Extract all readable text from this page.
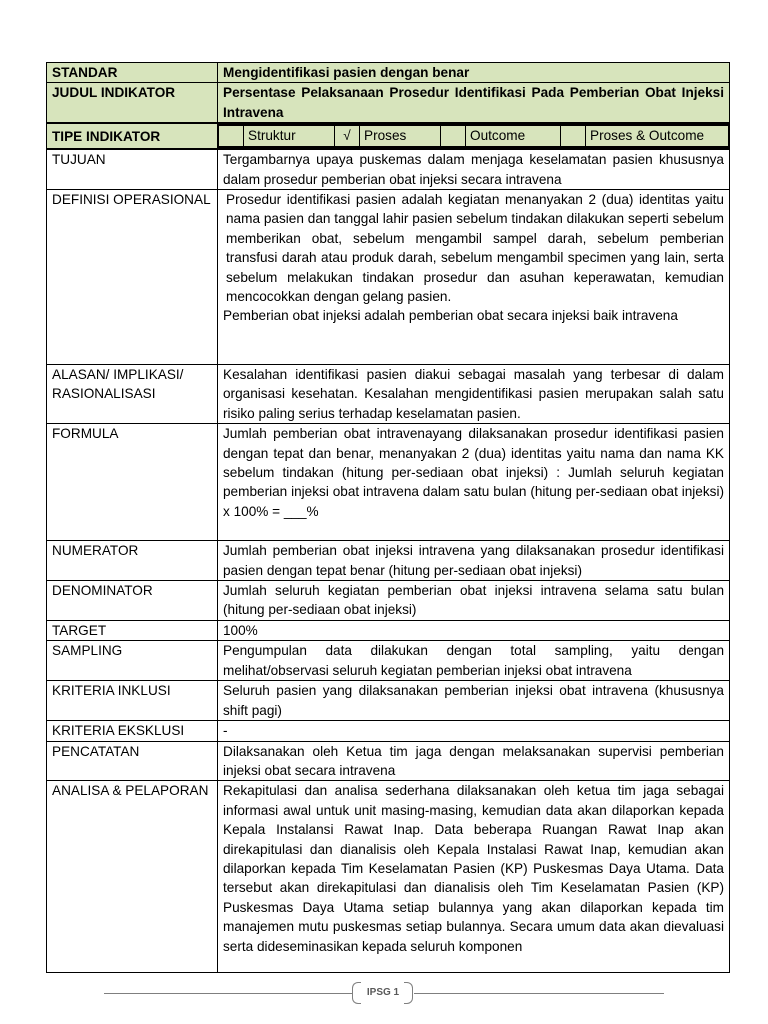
STANDAR	Mengidentifikasi pasien dengan benar
JUDUL INDIKATOR	Persentase Pelaksanaan Prosedur Identifikasi Pada Pemberian Obat Injeksi Intravena
TIPE INDIKATOR	
		Struktur	√	Proses		Outcome		Proses & Outcome

TUJUAN	Tergambarnya upaya puskemas dalam menjaga keselamatan pasien khususnya dalam prosedur pemberian obat injeksi secara intravena
DEFINISI OPERASIONAL	Prosedur identifikasi pasien adalah kegiatan menanyakan 2 (dua) identitas yaitu nama pasien dan tanggal lahir pasien sebelum tindakan dilakukan seperti sebelum memberikan obat, sebelum mengambil sampel darah, sebelum pemberian transfusi darah atau produk darah, sebelum mengambil specimen yang lain, serta sebelum melakukan tindakan prosedur dan asuhan keperawatan, kemudian mencocokkan dengan gelang pasien.

Pemberian obat injeksi adalah pemberian obat secara injeksi baik intravena

ALASAN/ IMPLIKASI/ RASIONALISASI	Kesalahan identifikasi pasien diakui sebagai masalah yang terbesar di dalam organisasi kesehatan. Kesalahan mengidentifikasi pasien merupakan salah satu risiko paling serius terhadap keselamatan pasien.
FORMULA	Jumlah pemberian obat intravenayang dilaksanakan prosedur identifikasi pasien dengan tepat dan benar, menanyakan 2 (dua) identitas yaitu nama dan nama KK sebelum tindakan (hitung per-sediaan obat injeksi) : Jumlah seluruh kegiatan pemberian injeksi obat intravena dalam satu bulan (hitung per-sediaan obat injeksi) x 100% = ___%
NUMERATOR	Jumlah pemberian obat injeksi intravena yang dilaksanakan prosedur identifikasi pasien dengan tepat benar (hitung per-sediaan obat injeksi)
DENOMINATOR	Jumlah seluruh kegiatan pemberian obat injeksi intravena selama satu bulan (hitung per-sediaan obat injeksi)
TARGET	100%
SAMPLING	Pengumpulan data dilakukan dengan total sampling, yaitu dengan melihat/observasi seluruh kegiatan pemberian injeksi obat intravena
KRITERIA INKLUSI	Seluruh pasien yang dilaksanakan pemberian injeksi obat intravena (khususnya shift pagi)
KRITERIA EKSKLUSI	-
PENCATATAN	Dilaksanakan oleh Ketua tim jaga dengan melaksanakan supervisi pemberian injeksi obat secara intravena
ANALISA & PELAPORAN	Rekapitulasi dan analisa sederhana dilaksanakan oleh ketua tim jaga sebagai informasi awal untuk unit masing-masing, kemudian data akan dilaporkan kepada Kepala Instalansi Rawat Inap. Data beberapa Ruangan Rawat Inap akan direkapitulasi dan dianalisis oleh Kepala Instalasi Rawat Inap, kemudian akan dilaporkan kepada Tim Keselamatan Pasien (KP) Puskesmas Daya Utama. Data tersebut akan direkapitulasi dan dianalisis oleh Tim Keselamatan Pasien (KP) Puskesmas Daya Utama setiap bulannya yang akan dilaporkan kepada tim manajemen mutu puskesmas setiap bulannya. Secara umum data akan dievaluasi serta dideseminasikan kepada seluruh komponen
IPSG 1
